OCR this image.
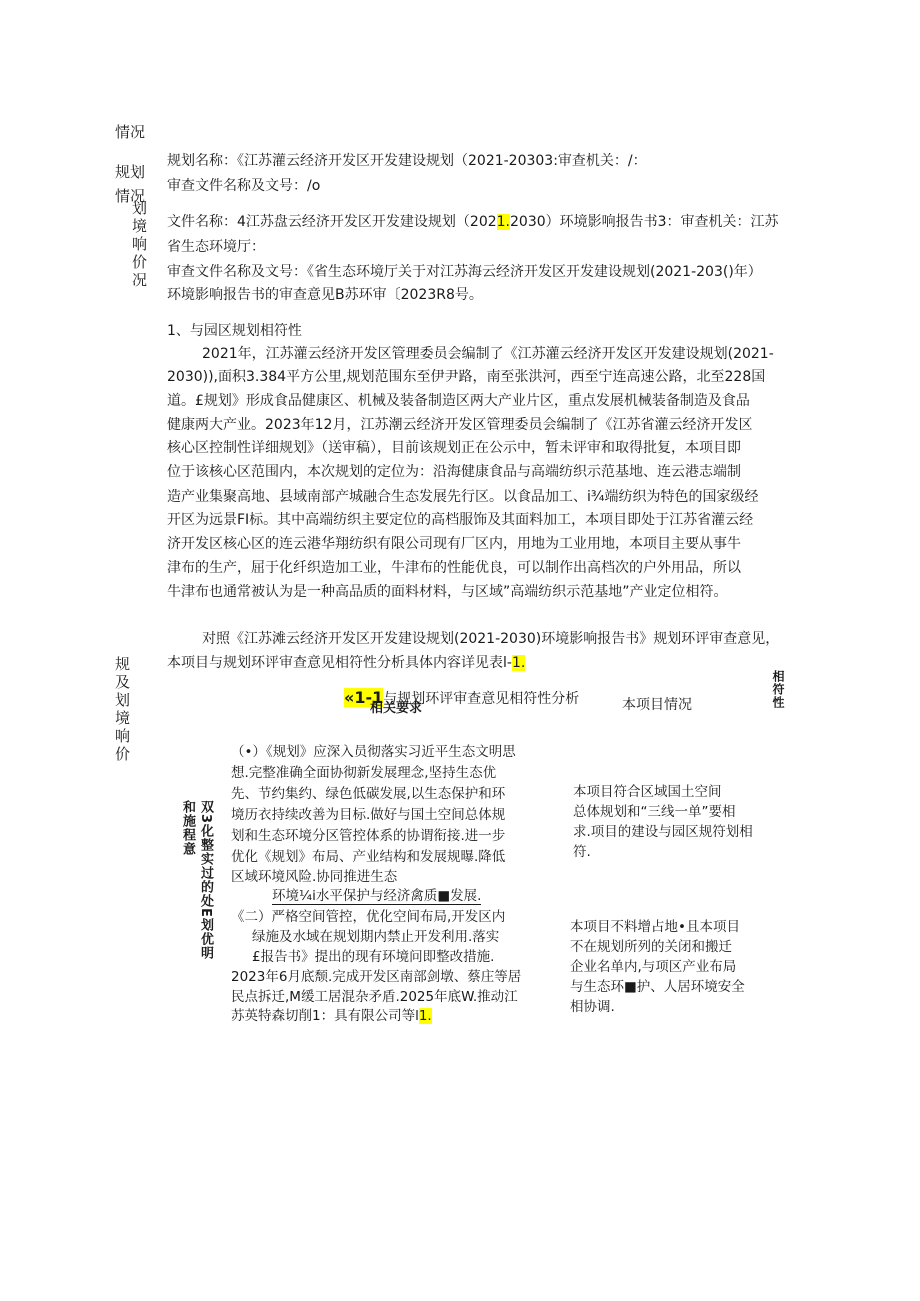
情况
规划
情况
划
境
响
价
况
规
及
划
境
响
价
规划名称：《江苏灌云经济开发区开发建设规划（2021-20303:审查机关：/：
审查文件名称及文号：/o
文件名称：4江苏盘云经济开发区开发建设规划（2021.2030）环境影响报告书3：审查机关：江苏
省生态环境厅：
审查文件名称及文号：《省生态环境厅关于对江苏海云经济开发区开发建设规划(2021-203()年）
环境影响报告书的审查意见B苏环审〔2023R8号。
1、与园区规划相符性
2021年，江苏灌云经济开发区管理委员会编制了《江苏灌云经济开发区开发建设规划(2021-
2030)),面积3.384平方公里,规划范围东至伊尹路，南至张洪河，西至宁连高速公路，北至228国
道。£规划》形成食品健康区、机械及装备制造区两大产业片区，重点发展机械装备制造及食品
健康两大产业。2023年12月，江苏潮云经济开发区管理委员会编制了《江苏省灌云经济开发区
核心区控制性详细规划》（送审稿），目前该规划正在公示中，暂未评审和取得批复，本项目即
位于该核心区范围内，本次规划的定位为：沿海健康食品与高端纺织示范基地、连云港志端制
造产业集聚高地、县域南部产城融合生态发展先行区。以食品加工、i¾端纺织为特色的国家级经
开区为远景FI标。其中高端纺织主要定位的高档服饰及其面料加工，本项目即处于江苏省灌云经
济开发区核心区的连云港华翔纺织有限公司现有厂区内，用地为工业用地，本项目主要从事牛
津布的生产，屈于化纤织造加工业，牛津布的性能优良，可以制作出高档次的户外用品，所以
牛津布也通常被认为是一种高品质的面料材料，与区域”高端纺织示范基地”产业定位相符。
对照《江苏滩云经济开发区开发建设规划(2021-2030)环境影响报告书》规划环评审查意见，
本项目与规划环评审查意见相符性分析具体内容详见表l-1.
«1-1与规划环评审查意见相符性分析
相关要求	本项目情况	相符性
双3化整实过的处E划优明
和施程意
（•）《规划》应深入员彻落实习近平生态文明思
想.完整准确全面协彻新发展理念,坚持生态优
先、节约集约、绿色低碳发展,以生态保护和环
境历衣持续改善为目标.做好与国土空间总体规
划和生态环境分区管控体系的协谓衔接.进一步
优化《规划》布局、产业结构和发展规曝.降低
区域环境风险.协同推进生态
环境¼i水平保护与经济禽质■发展.
本项目符合区域国土空间
总体规划和“三线一单”要相
求.项目的建设与园区规符划相
符.
《二）严格空间管控，优化空间布局,开发区内
绿施及水域在规划期内禁止开发利用.落实
£报告书》提出的现有环境问即整改措施.
2023年6月底颓.完成开发区南部剑墩、蔡庄等居
民点拆迁,M缓工居混杂矛盾.2025年底W.推动江
苏英特森切削1：具有限公司等l1.
本项目不料增占地•且本项目
不在规划所列的关闭和搬迁
企业名单内,与项区产业布局
与生态环■护、人居环境安全
相协调.
